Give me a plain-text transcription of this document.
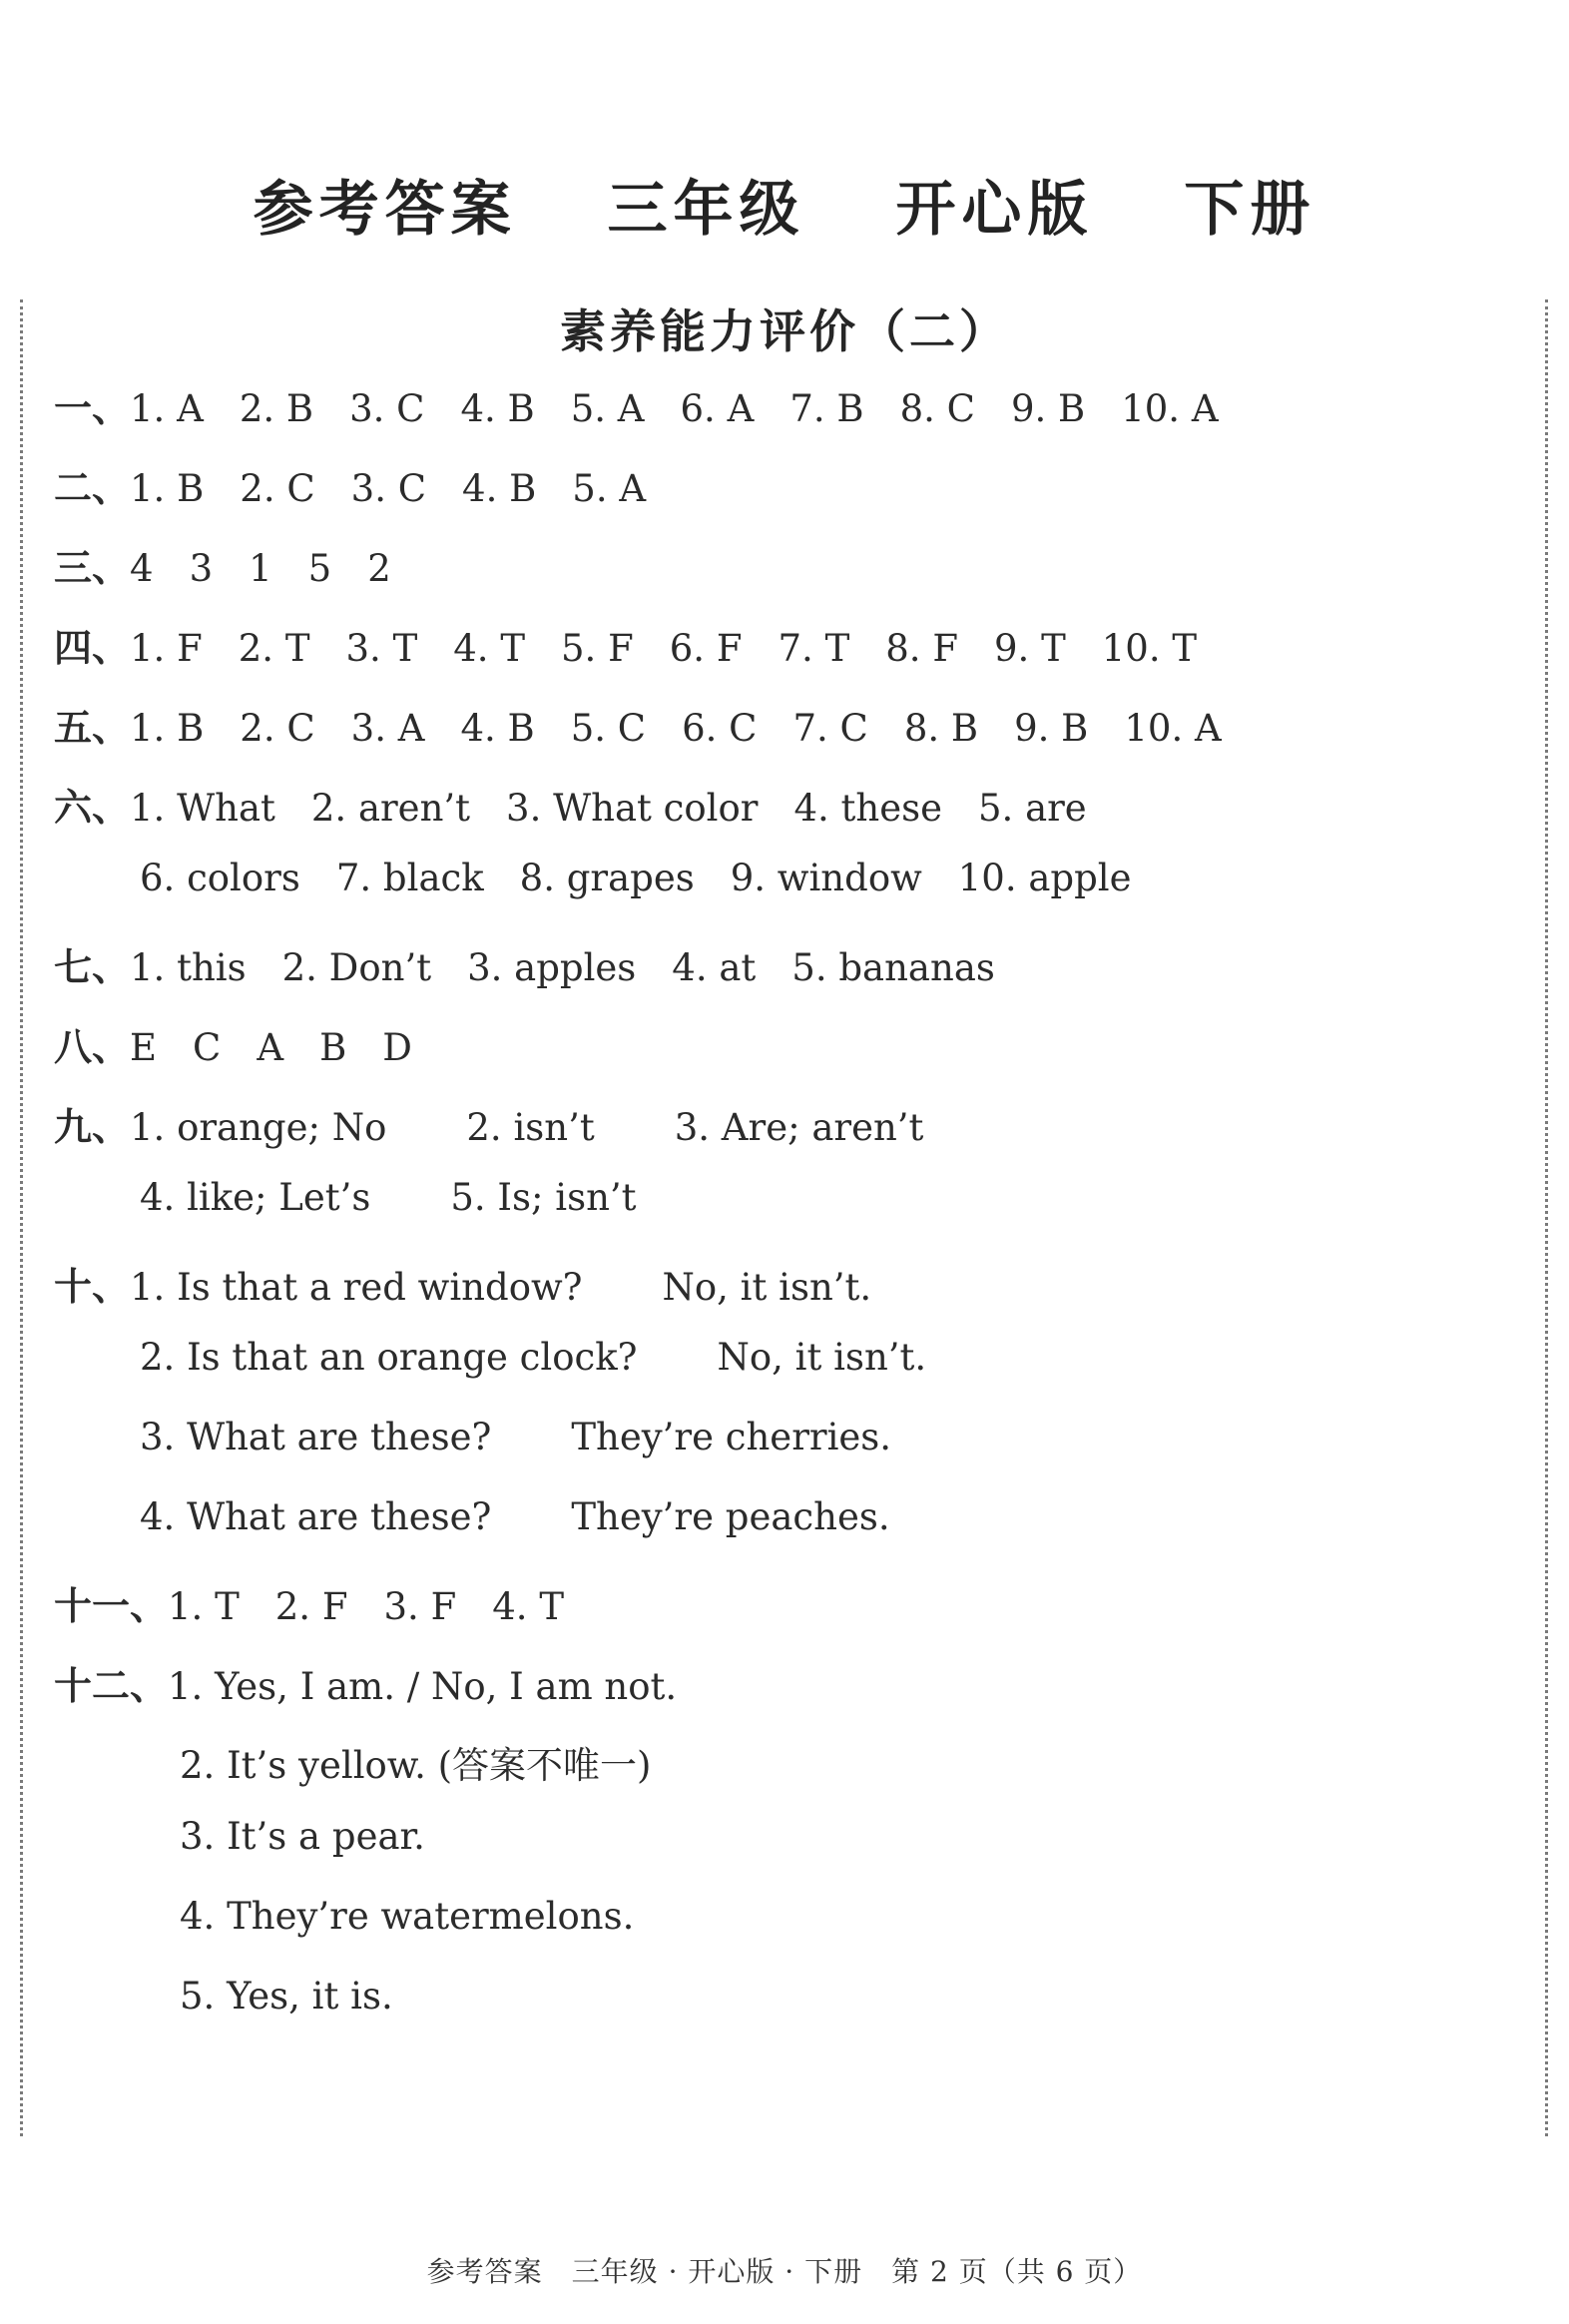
参考答案 三年级 开心版 下册
素养能力评价（二）
一、1. A 2. B 3. C 4. B 5. A 6. A 7. B 8. C 9. B 10. A
二、1. B 2. C 3. C 4. B 5. A
三、4 3 1 5 2
四、1. F 2. T 3. T 4. T 5. F 6. F 7. T 8. F 9. T 10. T
五、1. B 2. C 3. A 4. B 5. C 6. C 7. C 8. B 9. B 10. A
六、1. What 2. aren’t 3. What color 4. these 5. are
6. colors 7. black 8. grapes 9. window 10. apple
七、1. this 2. Don’t 3. apples 4. at 5. bananas
八、E C A B D
九、1. orange; No 2. isn’t 3. Are; aren’t
4. like; Let’s 5. Is; isn’t
十、1. Is that a red window? No, it isn’t.
2. Is that an orange clock? No, it isn’t.
3. What are these? They’re cherries.
4. What are these? They’re peaches.
十一、1. T 2. F 3. F 4. T
十二、1. Yes, I am. / No, I am not.
2. It’s yellow. (答案不唯一)
3. It’s a pear.
4. They’re watermelons.
5. Yes, it is.
参考答案　三年级 · 开心版 · 下册　第 2 页（共 6 页）
